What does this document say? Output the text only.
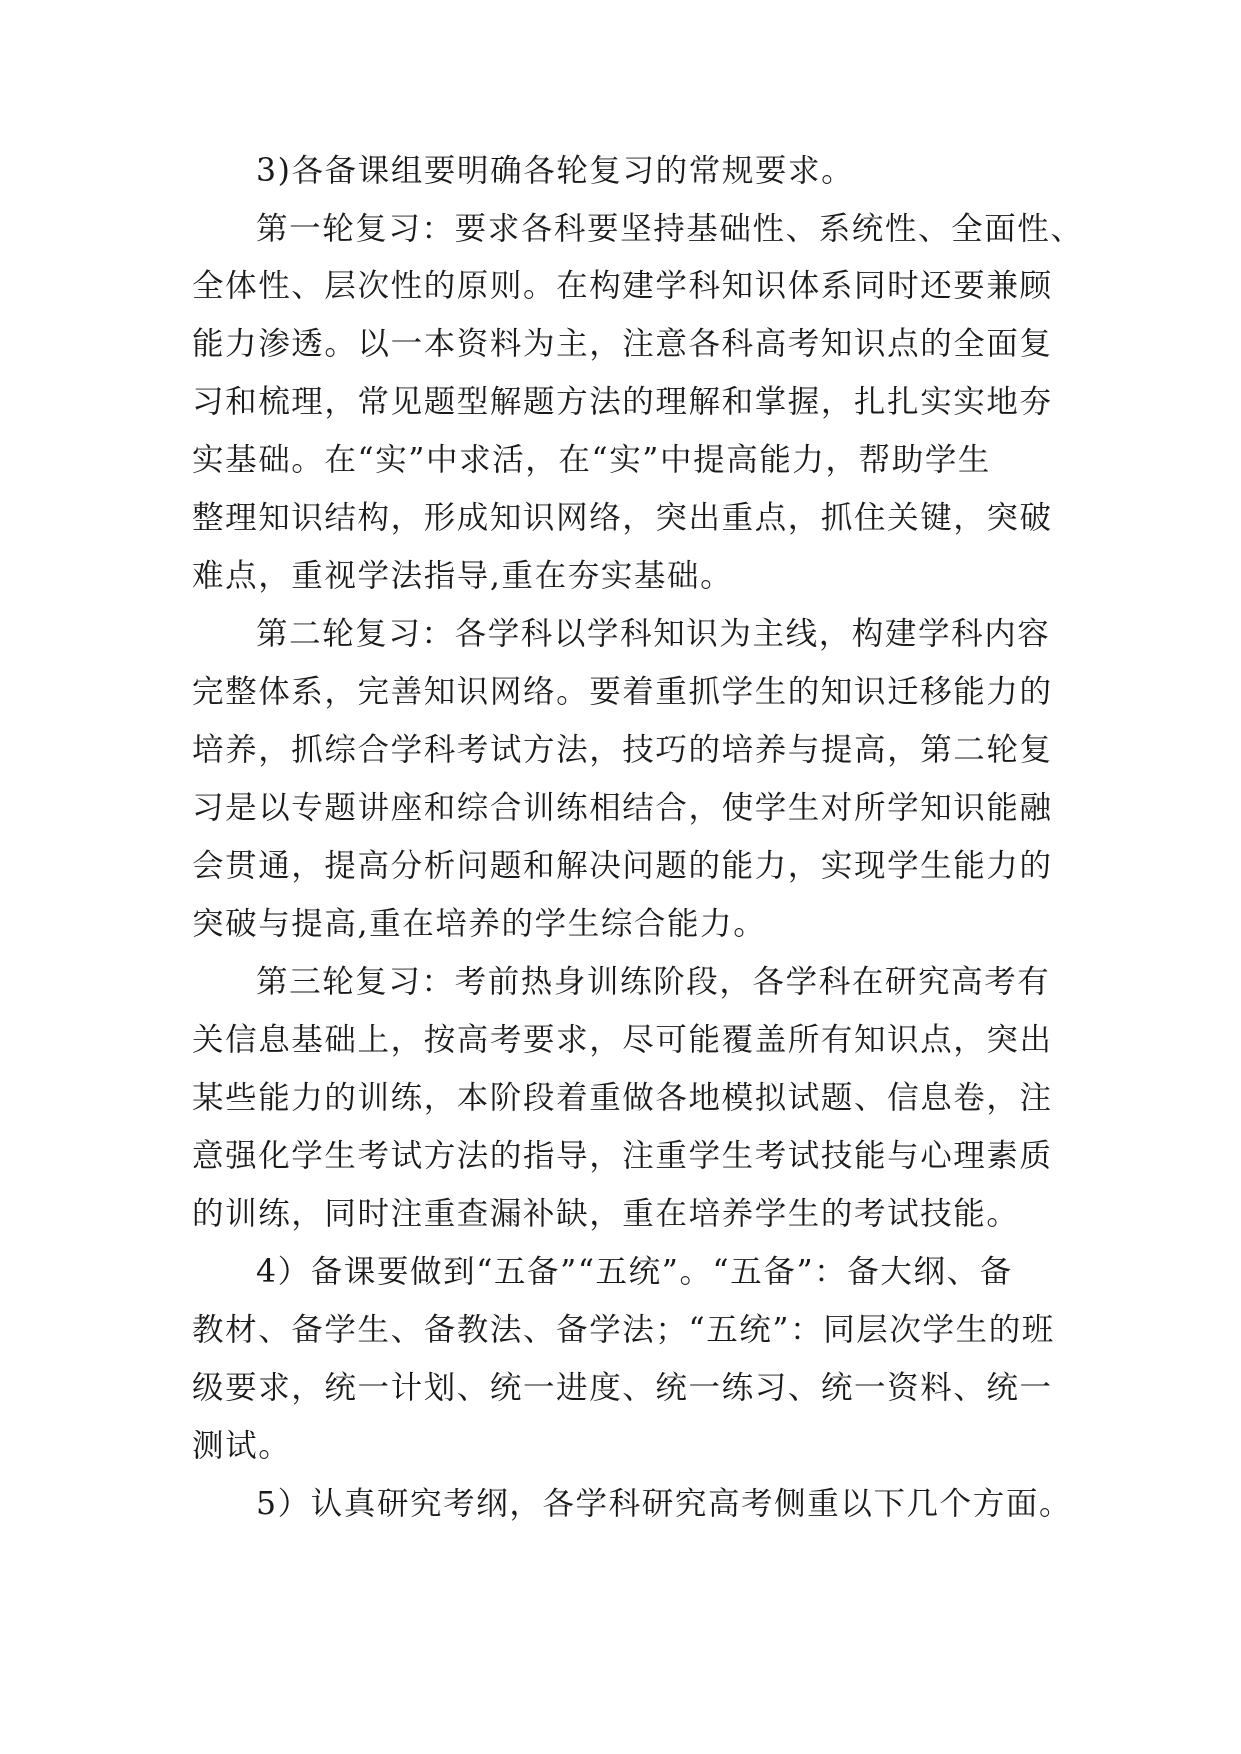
3)各备课组要明确各轮复习的常规要求。

第一轮复习：要求各科要坚持基础性、系统性、全面性、

全体性、层次性的原则。在构建学科知识体系同时还要兼顾

能力渗透。以一本资料为主，注意各科高考知识点的全面复

习和梳理，常见题型解题方法的理解和掌握，扎扎实实地夯

实基础。在“实”中求活，在“实”中提高能力，帮助学生

整理知识结构，形成知识网络，突出重点，抓住关键，突破

难点，重视学法指导,重在夯实基础。

第二轮复习：各学科以学科知识为主线，构建学科内容

完整体系，完善知识网络。要着重抓学生的知识迁移能力的

培养，抓综合学科考试方法，技巧的培养与提高，第二轮复

习是以专题讲座和综合训练相结合，使学生对所学知识能融

会贯通，提高分析问题和解决问题的能力，实现学生能力的

突破与提高,重在培养的学生综合能力。

第三轮复习：考前热身训练阶段，各学科在研究高考有

关信息基础上，按高考要求，尽可能覆盖所有知识点，突出

某些能力的训练，本阶段着重做各地模拟试题、信息卷，注

意强化学生考试方法的指导，注重学生考试技能与心理素质

的训练，同时注重查漏补缺，重在培养学生的考试技能。

4）备课要做到“五备”“五统”。“五备”：备大纲、备

教材、备学生、备教法、备学法；“五统”：同层次学生的班

级要求，统一计划、统一进度、统一练习、统一资料、统一

测试。

5）认真研究考纲，各学科研究高考侧重以下几个方面。
